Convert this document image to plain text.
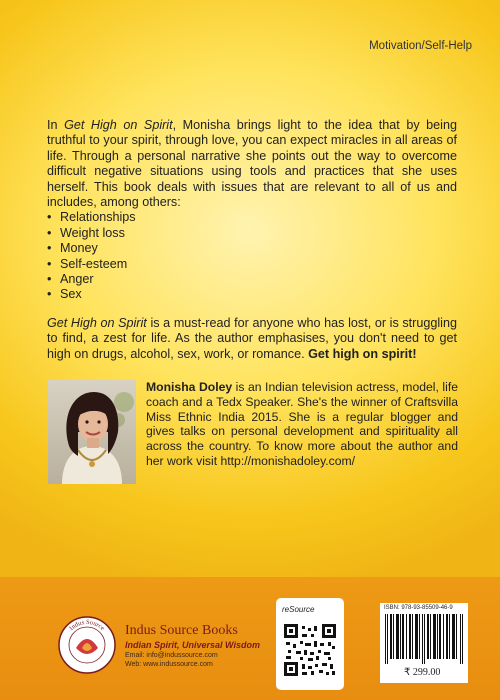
Motivation/Self-Help

In Get High on Spirit, Monisha brings light to the idea that by being truthful to your spirit, through love, you can expect miracles in all areas of life. Through a personal narrative she points out the way to overcome difficult negative situations using tools and practices that she uses herself. This book deals with issues that are relevant to all of us and includes, among others:

• Relationships
• Weight loss
• Money
• Self-esteem
• Anger
• Sex

Get High on Spirit is a must-read for anyone who has lost, or is struggling to find, a zest for life. As the author emphasises, you don't need to get high on drugs, alcohol, sex, work, or romance. Get high on spirit!

Monisha Doley is an Indian television actress, model, life coach and a Tedx Speaker. She's the winner of Craftsvilla Miss Ethnic India 2015. She is a regular blogger and gives talks on personal development and spirituality all across the country. To know more about the author and her work visit http://monishadoley.com/

Indus Source Indus Source Books
Indian Spirit, Universal Wisdom
Email: info@indussource.com
Web: www.indussource.com
reSource	ISBN: 978-93-85509-46-9
₹ 299.00
